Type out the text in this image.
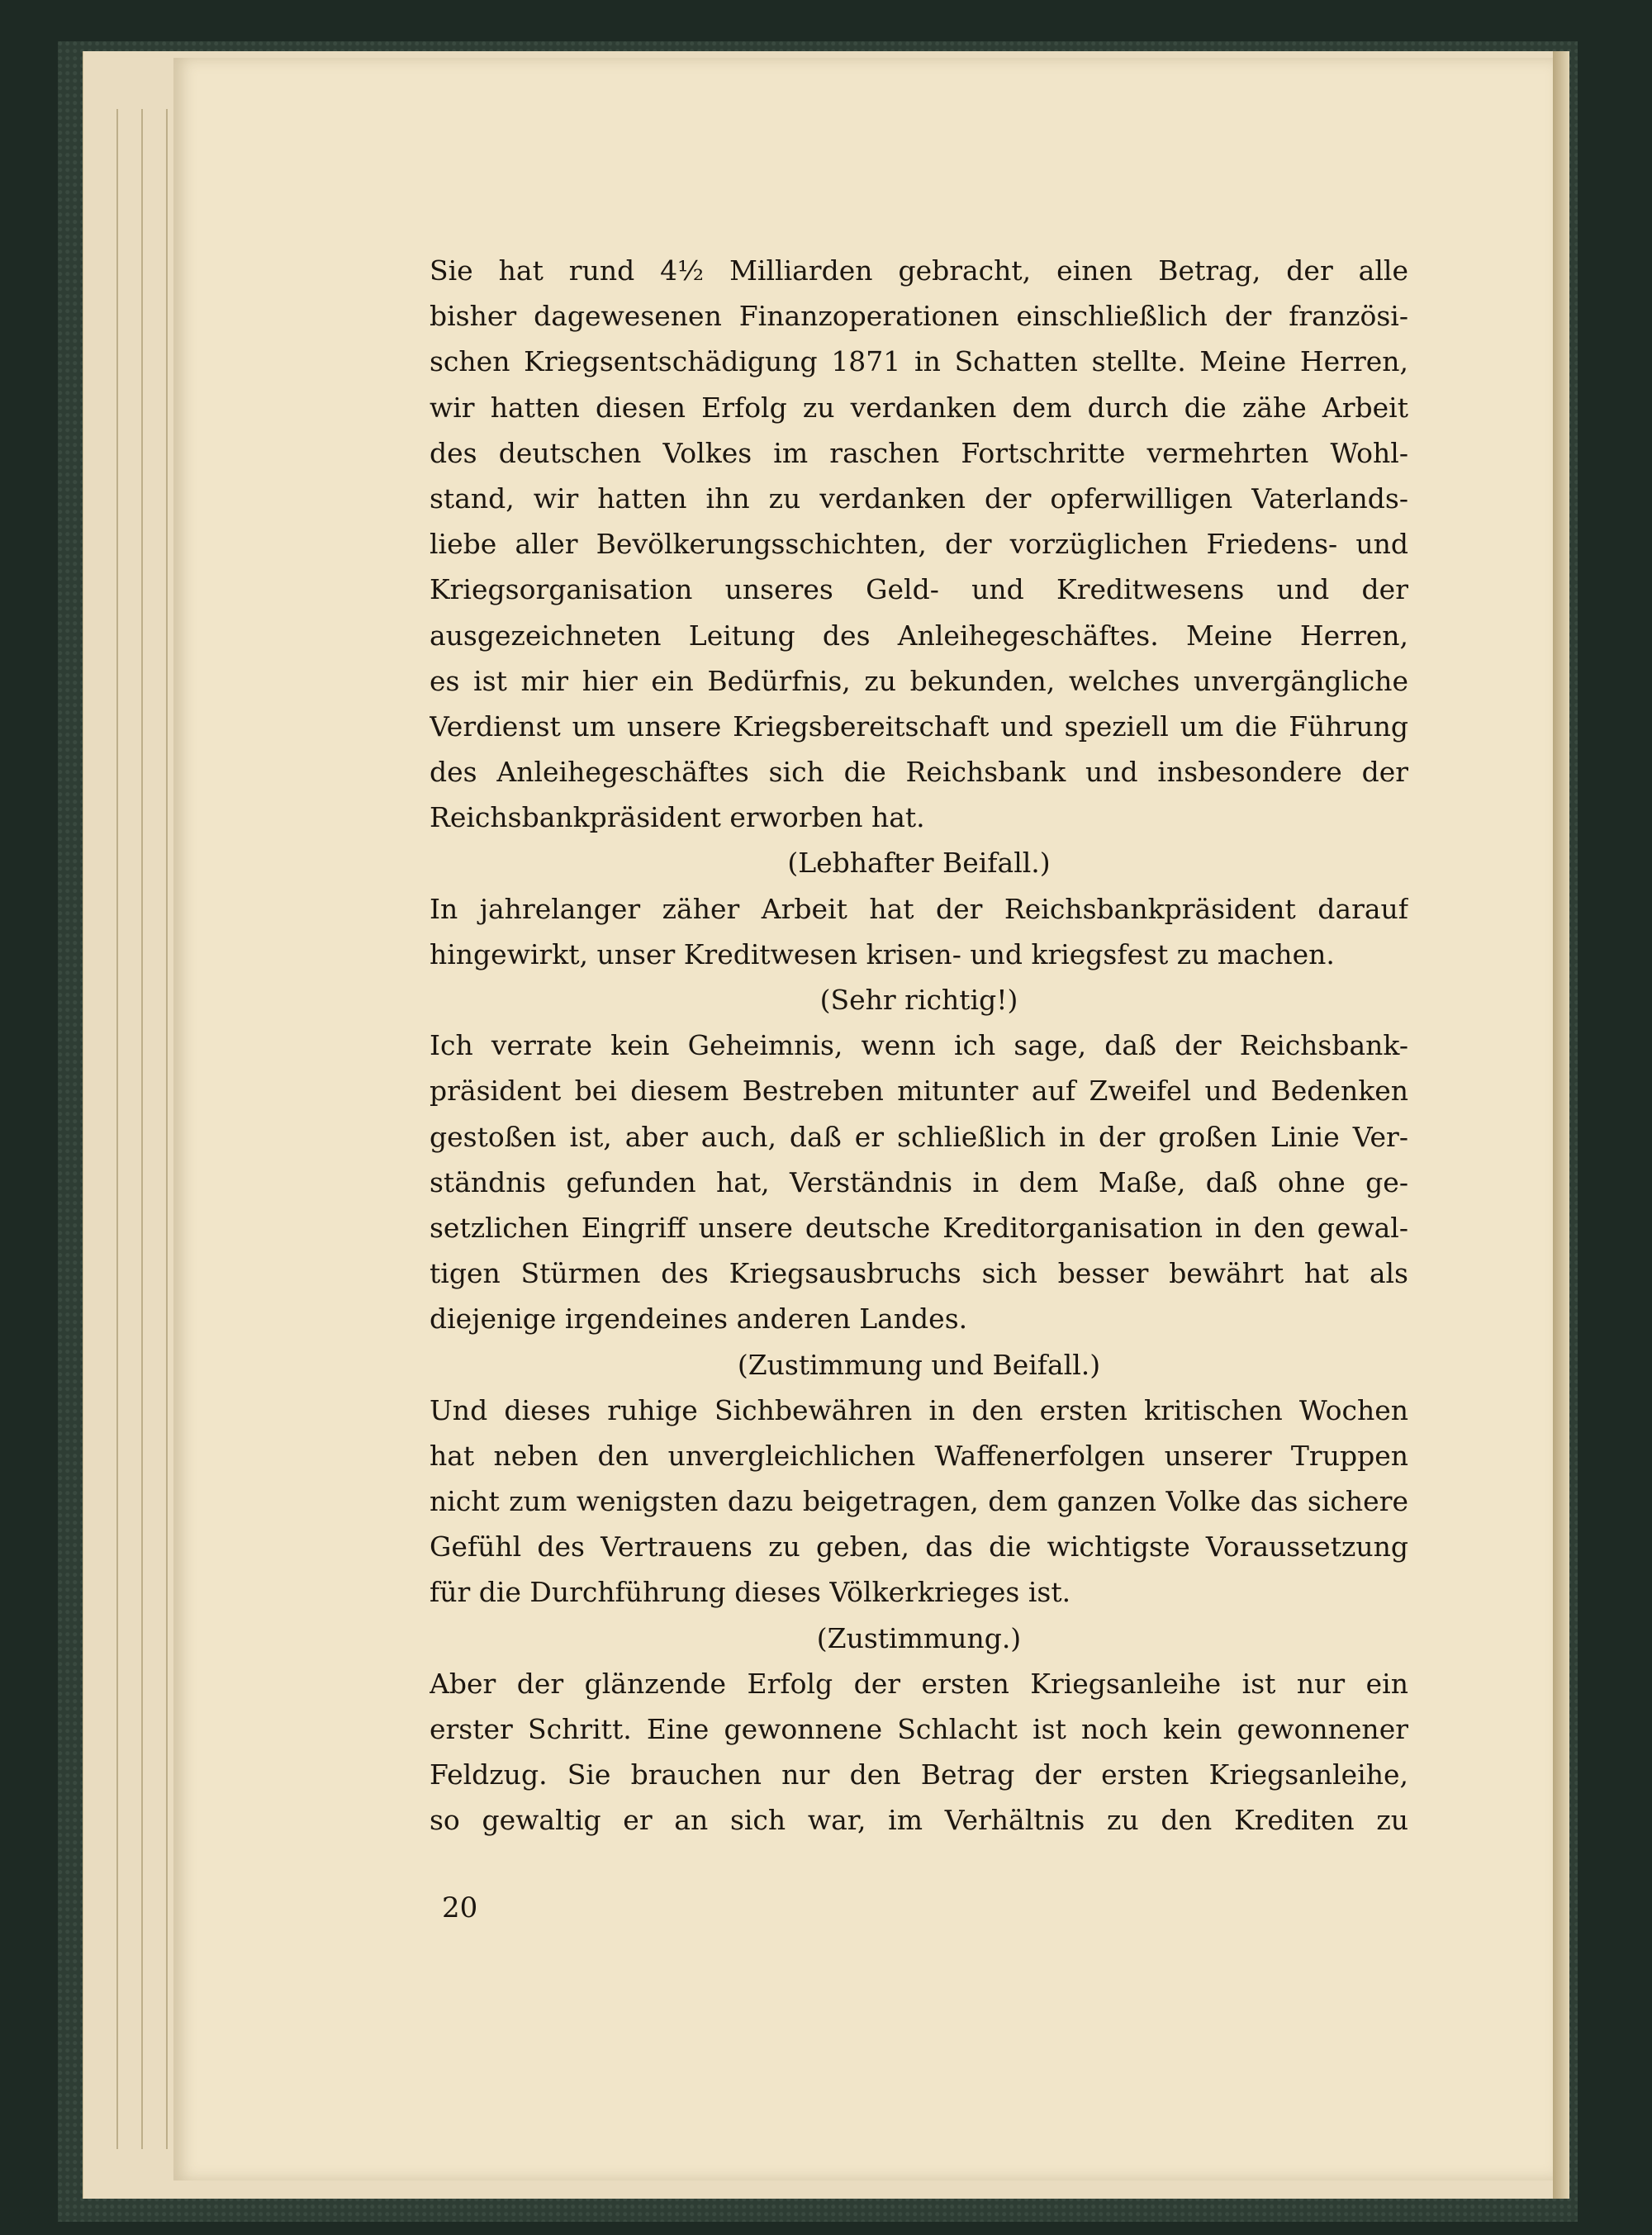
Sie hat rund 4½ Milliarden gebracht, einen Betrag, der alle
bisher dagewesenen Finanzoperationen einschließlich der französi-
schen Kriegsentschädigung 1871 in Schatten stellte. Meine Herren,
wir hatten diesen Erfolg zu verdanken dem durch die zähe Arbeit
des deutschen Volkes im raschen Fortschritte vermehrten Wohl-
stand, wir hatten ihn zu verdanken der opferwilligen Vaterlands-
liebe aller Bevölkerungsschichten, der vorzüglichen Friedens- und
Kriegsorganisation unseres Geld- und Kreditwesens und der
ausgezeichneten Leitung des Anleihegeschäftes. Meine Herren,
es ist mir hier ein Bedürfnis, zu bekunden, welches unvergängliche
Verdienst um unsere Kriegsbereitschaft und speziell um die Führung
des Anleihegeschäftes sich die Reichsbank und insbesondere der
Reichsbankpräsident erworben hat.
(Lebhafter Beifall.)
In jahrelanger zäher Arbeit hat der Reichsbankpräsident darauf
hingewirkt, unser Kreditwesen krisen- und kriegsfest zu machen.
(Sehr richtig!)
Ich verrate kein Geheimnis, wenn ich sage, daß der Reichsbank-
präsident bei diesem Bestreben mitunter auf Zweifel und Bedenken
gestoßen ist, aber auch, daß er schließlich in der großen Linie Ver-
ständnis gefunden hat, Verständnis in dem Maße, daß ohne ge-
setzlichen Eingriff unsere deutsche Kreditorganisation in den gewal-
tigen Stürmen des Kriegsausbruchs sich besser bewährt hat als
diejenige irgendeines anderen Landes.
(Zustimmung und Beifall.)
Und dieses ruhige Sichbewähren in den ersten kritischen Wochen
hat neben den unvergleichlichen Waffenerfolgen unserer Truppen
nicht zum wenigsten dazu beigetragen, dem ganzen Volke das sichere
Gefühl des Vertrauens zu geben, das die wichtigste Voraussetzung
für die Durchführung dieses Völkerkrieges ist.
(Zustimmung.)
Aber der glänzende Erfolg der ersten Kriegsanleihe ist nur ein
erster Schritt. Eine gewonnene Schlacht ist noch kein gewonnener
Feldzug. Sie brauchen nur den Betrag der ersten Kriegsanleihe,
so gewaltig er an sich war, im Verhältnis zu den Krediten zu
20
